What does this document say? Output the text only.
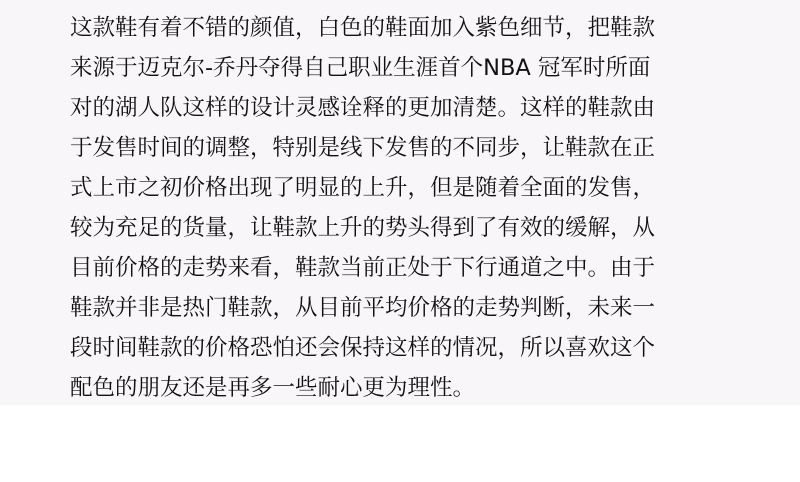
这款鞋有着不错的颜值，白色的鞋面加入紫色细节，把鞋款
来源于迈克尔-乔丹夺得自己职业生涯首个NBA 冠军时所面
对的湖人队这样的设计灵感诠释的更加清楚。这样的鞋款由
于发售时间的调整，特别是线下发售的不同步，让鞋款在正
式上市之初价格出现了明显的上升，但是随着全面的发售，
较为充足的货量，让鞋款上升的势头得到了有效的缓解，从
目前价格的走势来看，鞋款当前正处于下行通道之中。由于
鞋款并非是热门鞋款，从目前平均价格的走势判断，未来一
段时间鞋款的价格恐怕还会保持这样的情况，所以喜欢这个
配色的朋友还是再多一些耐心更为理性。
